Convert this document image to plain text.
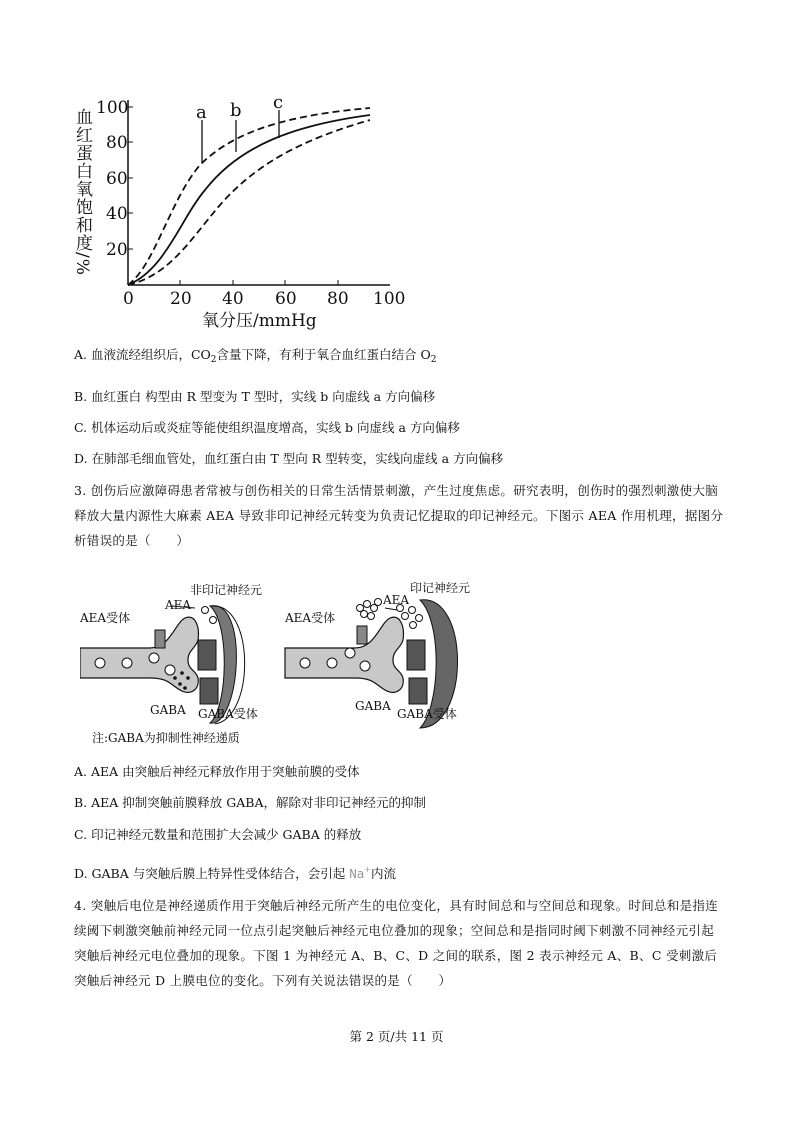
血红蛋白氧饱和度/% 20
40
60
80
100
0 20 40 60 80 100
氧分压/mmHg
a b c
A. 血液流经组织后，$CO_2$含量下降，有利于氧合血红蛋白结合 $O_2$
B. 血红蛋白 构型由 R 型变为 T 型时，实线 b 向虚线 a 方向偏移
C. 机体运动后或炎症等能使组织温度增高，实线 b 向虚线 a 方向偏移
D. 在肺部毛细血管处，血红蛋白由 T 型向 R 型转变，实线向虚线 a 方向偏移
3. 创伤后应激障碍患者常被与创伤相关的日常生活情景刺激，产生过度焦虑。研究表明，创伤时的强烈刺激使大脑释放大量内源性大麻素 AEA 导致非印记神经元转变为负责记忆提取的印记神经元。下图示 AEA 作用机理，据图分析错误的是（　　）
非印记神经元
AEA
AEA受体
GABA GABA受体
印记神经元
AEA
AEA受体
GABA
GABA受体
注:GABA为抑制性神经递质
A. AEA 由突触后神经元释放作用于突触前膜的受体
B. AEA 抑制突触前膜释放 GABA，解除对非印记神经元的抑制
C. 印记神经元数量和范围扩大会减少 GABA 的释放
D. GABA 与突触后膜上特异性受体结合，会引起 Na+内流
4. 突触后电位是神经递质作用于突触后神经元所产生的电位变化，具有时间总和与空间总和现象。时间总和是指连续阈下刺激突触前神经元同一位点引起突触后神经元电位叠加的现象；空间总和是指同时阈下刺激不同神经元引起突触后神经元电位叠加的现象。下图 1 为神经元 A、B、C、D 之间的联系，图 2 表示神经元 A、B、C 受刺激后突触后神经元 D 上膜电位的变化。下列有关说法错误的是（　　）
第 2 页/共 11 页
